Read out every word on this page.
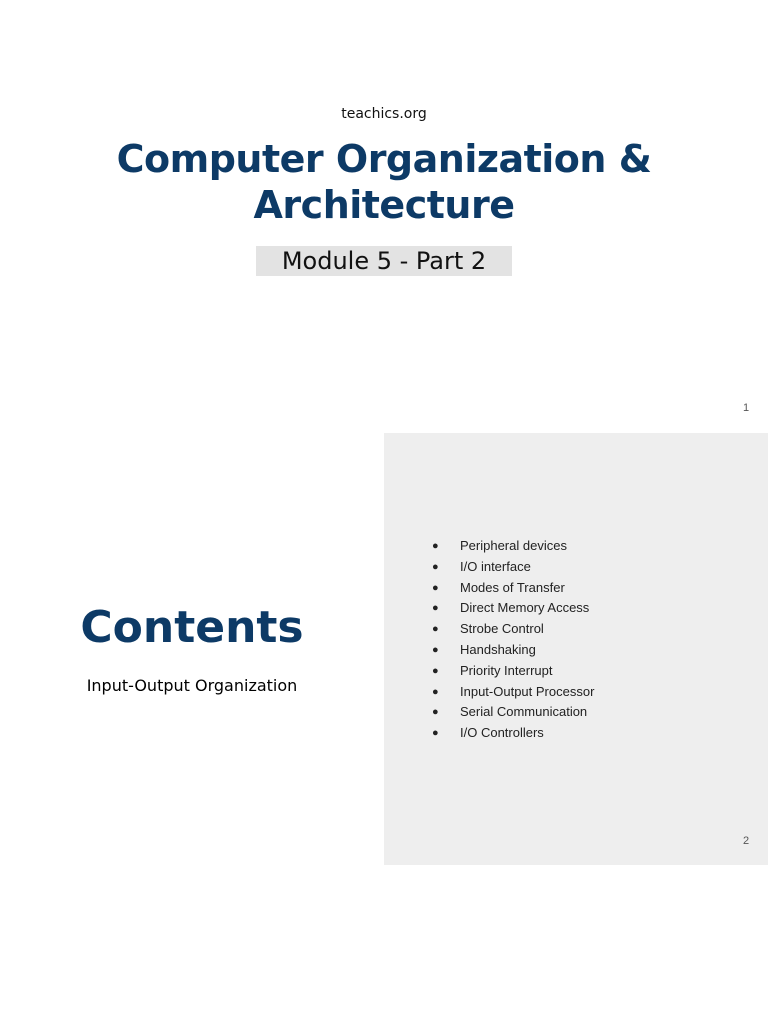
teachics.org
Computer Organization &
Architecture
Module 5 - Part 2
1
Contents
Input-Output Organization
●	Peripheral devices
●	I/O interface
●	Modes of Transfer
●	Direct Memory Access
●	Strobe Control
●	Handshaking
●	Priority Interrupt
●	Input-Output Processor
●	Serial Communication
●	I/O Controllers
2
